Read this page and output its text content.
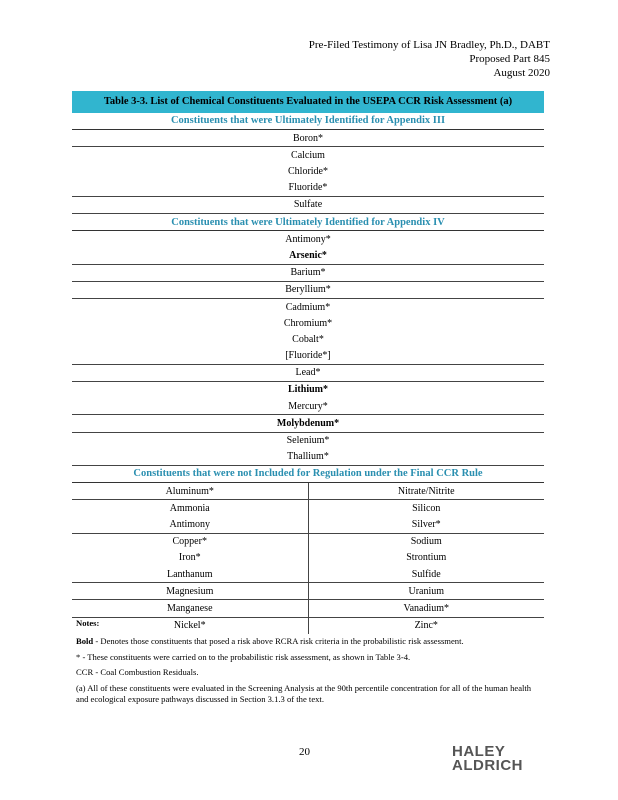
Pre-Filed Testimony of Lisa JN Bradley, Ph.D., DABT
Proposed Part 845
August 2020
Table 3-3. List of Chemical Constituents Evaluated in the USEPA CCR Risk Assessment (a)	
Constituents that were Ultimately Identified for Appendix III	
Boron*	
Calcium	
Chloride*	
Fluoride*	
Sulfate	
Constituents that were Ultimately Identified for Appendix IV	
Antimony*	
Arsenic*	
Barium*	
Beryllium*	
Cadmium*	
Chromium*	
Cobalt*	
[Fluoride*]	
Lead*	
Lithium*	
Mercury*	
Molybdenum*	
Selenium*	
Thallium*	
Constituents that were not Included for Regulation under the Final CCR Rule	
Aluminum*	Nitrate/Nitrite
Ammonia	Silicon
Antimony	Silver*
Copper*	Sodium
Iron*	Strontium
Lanthanum	Sulfide
Magnesium	Uranium
Manganese	Vanadium*
Nickel*	Zinc*

Notes:

Bold - Denotes those constituents that posed a risk above RCRA risk criteria in the probabilistic risk assessment.

* - These constituents were carried on to the probabilistic risk assessment, as shown in Table 3-4.

CCR - Coal Combustion Residuals.

(a) All of these constituents were evaluated in the Screening Analysis at the 90th percentile concentration for all of the human health and ecological exposure pathways discussed in Section 3.1.3 of the text.

20	HALEY
ALDRICH
